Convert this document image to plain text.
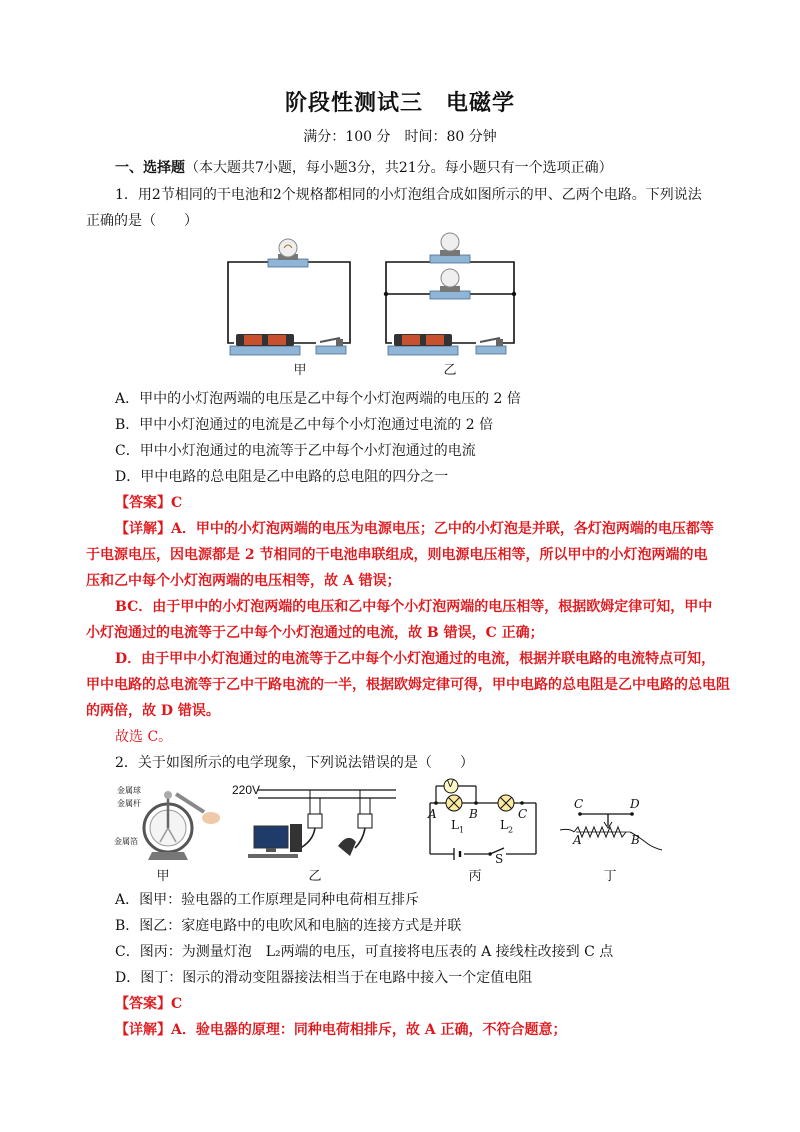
阶段性测试三　电磁学
满分：100 分　时间：80 分钟
一、选择题（本大题共7小题，每小题3分，共21分。每小题只有一个选项正确）
1．用2节相同的干电池和2个规格都相同的小灯泡组合成如图所示的甲、乙两个电路。下列说法
正确的是（　　）
甲	乙
A．甲中的小灯泡两端的电压是乙中每个小灯泡两端的电压的 2 倍
B．甲中小灯泡通过的电流是乙中每个小灯泡通过电流的 2 倍
C．甲中小灯泡通过的电流等于乙中每个小灯泡通过的电流
D．甲中电路的总电阻是乙中电路的总电阻的四分之一
【答案】C
【详解】A．甲中的小灯泡两端的电压为电源电压；乙中的小灯泡是并联，各灯泡两端的电压都等
于电源电压，因电源都是 2 节相同的干电池串联组成，则电源电压相等，所以甲中的小灯泡两端的电
压和乙中每个小灯泡两端的电压相等，故 A 错误；
BC．由于甲中的小灯泡两端的电压和乙中每个小灯泡两端的电压相等，根据欧姆定律可知，甲中
小灯泡通过的电流等于乙中每个小灯泡通过的电流，故 B 错误，C 正确；
D．由于甲中小灯泡通过的电流等于乙中每个小灯泡通过的电流，根据并联电路的电流特点可知，
甲中电路的总电流等于乙中干路电流的一半，根据欧姆定律可得，甲中电路的总电阻是乙中电路的总电阻
的两倍，故 D 错误。
故选 C。
2．关于如图所示的电学现象，下列说法错误的是（　　）
金属球
金属杆
金属箔
220V	V
A	B	C
$L_1$	$L_2$
S
C	D
A	B
甲	乙	丙	丁
A．图甲：验电器的工作原理是同种电荷相互排斥
B．图乙：家庭电路中的电吹风和电脑的连接方式是并联
C．图丙：为测量灯泡　L₂两端的电压，可直接将电压表的 A 接线柱改接到 C 点
D．图丁：图示的滑动变阻器接法相当于在电路中接入一个定值电阻
【答案】C
【详解】A．验电器的原理：同种电荷相排斥，故 A 正确，不符合题意；
